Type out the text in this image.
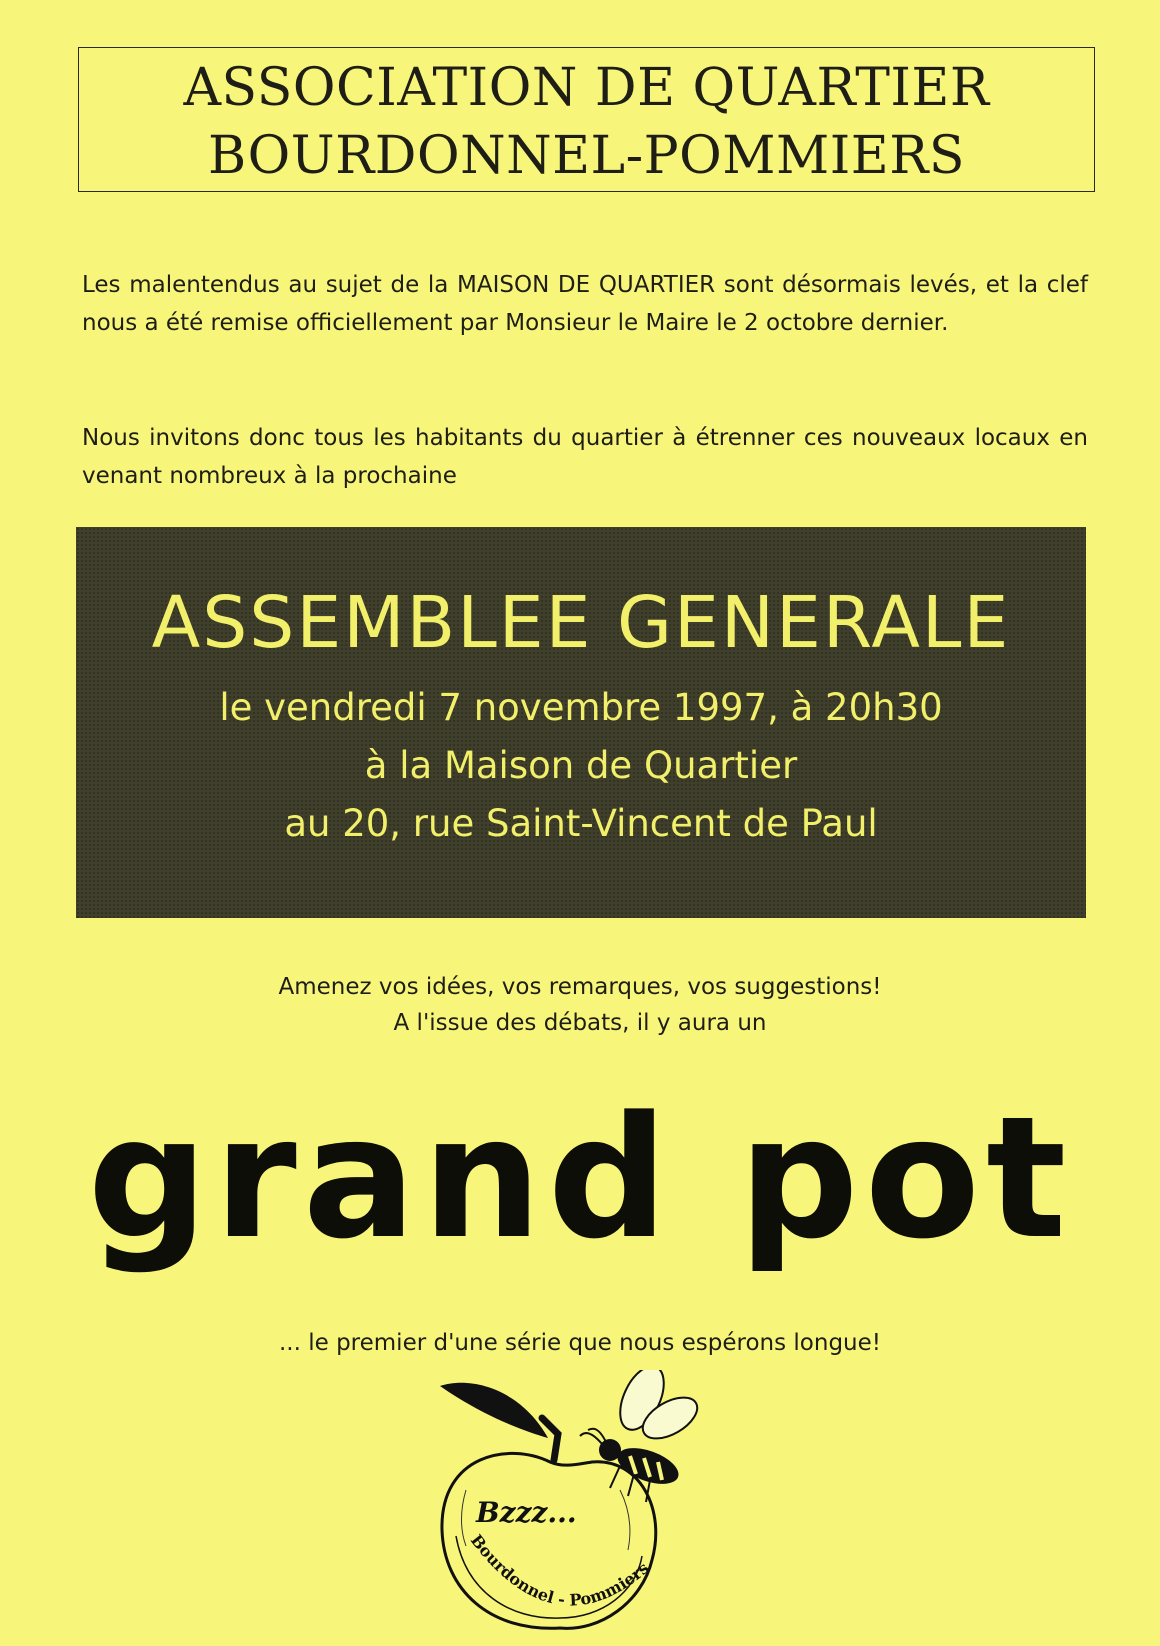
ASSOCIATION DE QUARTIER
BOURDONNEL-POMMIERS
Les malentendus au sujet de la MAISON DE QUARTIER sont désormais levés, et la clef nous a été remise officiellement par Monsieur le Maire le 2 octobre dernier.
Nous invitons donc tous les habitants du quartier à étrenner ces nouveaux locaux en venant nombreux à la prochaine
ASSEMBLEE GENERALE
le vendredi 7 novembre 1997, à 20h30
à la Maison de Quartier
au 20, rue Saint-Vincent de Paul
Amenez vos idées, vos remarques, vos suggestions!
A l'issue des débats, il y aura un
grand pot
... le premier d'une série que nous espérons longue!
Bzzz...
Bourdonnel - Pommiers
